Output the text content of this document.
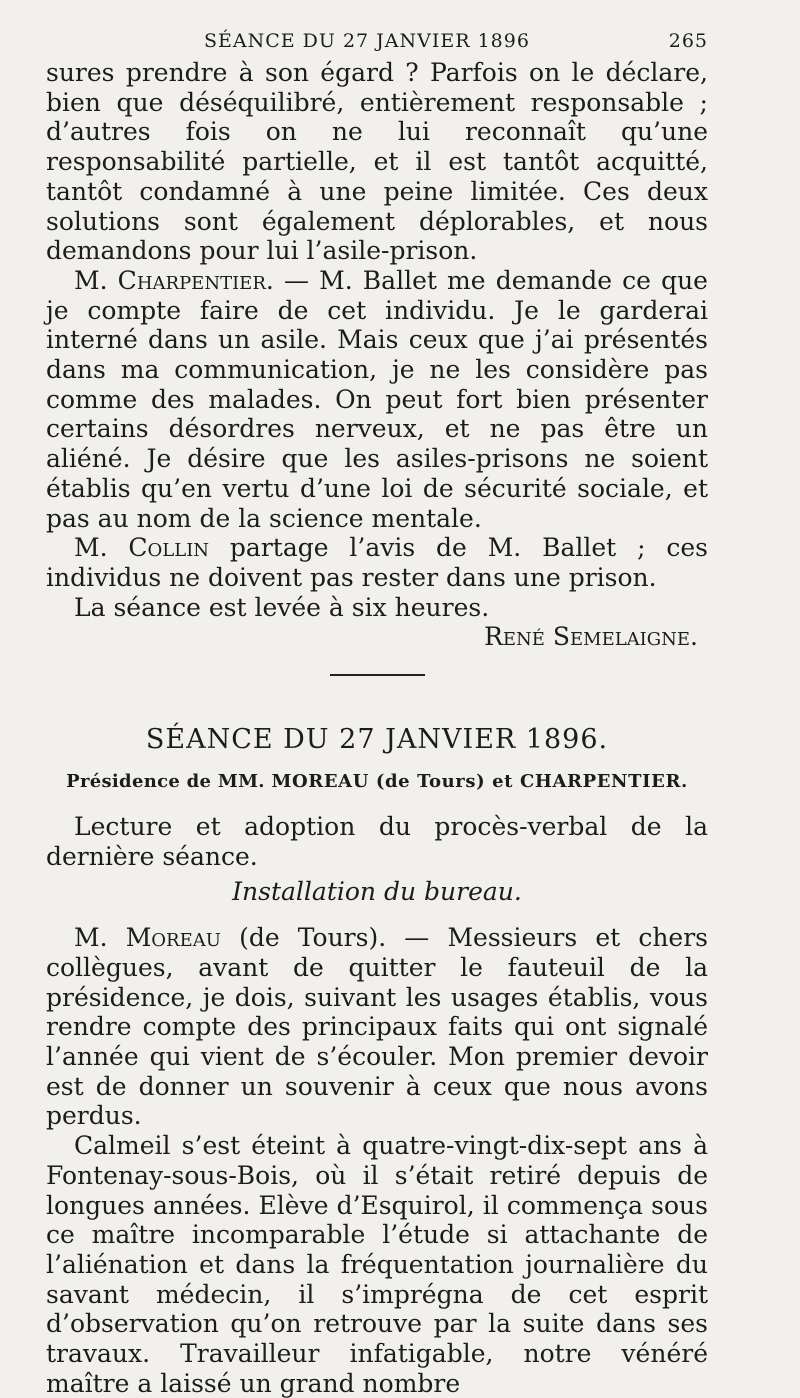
SÉANCE DU 27 JANVIER 1896	265

sures prendre à son égard ? Parfois on le déclare, bien que déséquilibré, entièrement responsable ; d’autres fois on ne lui reconnaît qu’une responsabilité partielle, et il est tantôt acquitté, tantôt condamné à une peine limitée. Ces deux solutions sont également déplorables, et nous demandons pour lui l’asile-prison.

M. Charpentier. — M. Ballet me demande ce que je compte faire de cet individu. Je le garderai interné dans un asile. Mais ceux que j’ai présentés dans ma communication, je ne les considère pas comme des malades. On peut fort bien présenter certains désordres nerveux, et ne pas être un aliéné. Je désire que les asiles-prisons ne soient établis qu’en vertu d’une loi de sécurité sociale, et pas au nom de la science mentale.

M. Collin partage l’avis de M. Ballet ; ces individus ne doivent pas rester dans une prison.

La séance est levée à six heures.

René Semelaigne.
SÉANCE DU 27 JANVIER 1896.
Présidence de MM. MOREAU (de Tours) et CHARPENTIER.

Lecture et adoption du procès-verbal de la dernière séance.

Installation du bureau.

M. Moreau (de Tours). — Messieurs et chers collègues, avant de quitter le fauteuil de la présidence, je dois, suivant les usages établis, vous rendre compte des principaux faits qui ont signalé l’année qui vient de s’écouler. Mon premier devoir est de donner un souvenir à ceux que nous avons perdus.

Calmeil s’est éteint à quatre-vingt-dix-sept ans à Fontenay-sous-Bois, où il s’était retiré depuis de longues années. Elève d’Esquirol, il commença sous ce maître incomparable l’étude si attachante de l’aliénation et dans la fréquentation journalière du savant médecin, il s’imprégna de cet esprit d’observation qu’on retrouve par la suite dans ses travaux. Travailleur infatigable, notre vénéré maître a laissé un grand nombre
